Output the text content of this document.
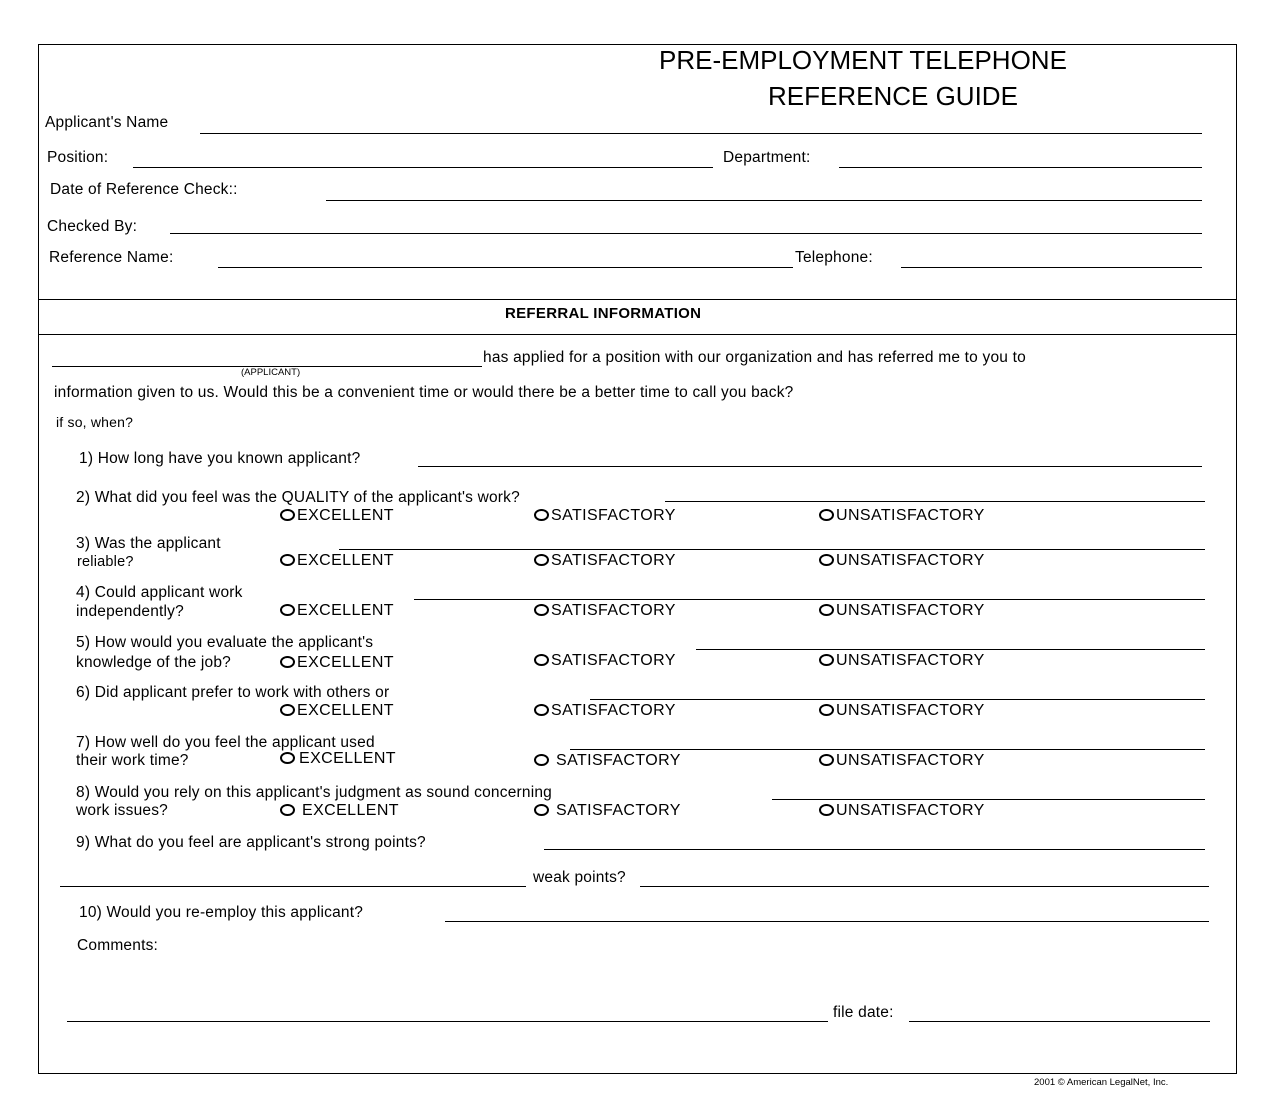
PRE-EMPLOYMENT TELEPHONE
REFERENCE GUIDE
Applicant's Name
Position:	Department:
Date of Reference Check::
Checked By:
Reference Name:	Telephone:
REFERRAL INFORMATION
(APPLICANT)
has applied for a position with our organization and has referred me to you to
information given to us. Would this be a convenient time or would there be a better time to call you back?
if so, when?
1) How long have you known applicant?
2) What did you feel was the QUALITY of the applicant's work?
EXCELLENT	SATISFACTORY	UNSATISFACTORY
3) Was the applicant
reliable?	EXCELLENT	SATISFACTORY	UNSATISFACTORY
4) Could applicant work
independently?	EXCELLENT	SATISFACTORY	UNSATISFACTORY
5) How would you evaluate the applicant's
knowledge of the job?	EXCELLENT	SATISFACTORY	UNSATISFACTORY
6) Did applicant prefer to work with others or
EXCELLENT	SATISFACTORY	UNSATISFACTORY
7) How well do you feel the applicant used
their work time?	EXCELLENT	SATISFACTORY	UNSATISFACTORY
8) Would you rely on this applicant's judgment as sound concerning
work issues?	EXCELLENT	SATISFACTORY	UNSATISFACTORY
9) What do you feel are applicant's strong points?
weak points?
10) Would you re-employ this applicant?
Comments:
file date:
2001 © American LegalNet, Inc.
